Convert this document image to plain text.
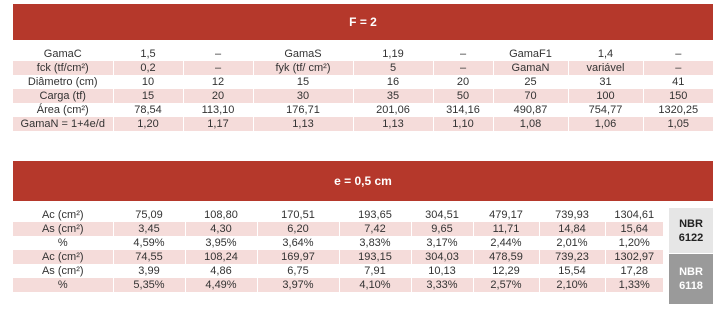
F = 2
GamaC	1,5	–	GamaS	1,19	–	GamaF1	1,4	–
fck (tf/cm²)	0,2	–	fyk (tf/ cm²)	5	–	GamaN	variável	–
Diâmetro (cm)	10	12	15	16	20	25	31	41
Carga (tf)	15	20	30	35	50	70	100	150
Área (cm²)	78,54	113,10	176,71	201,06	314,16	490,87	754,77	1320,25
GamaN = 1+4e/d	1,20	1,17	1,13	1,13	1,10	1,08	1,06	1,05
e = 0,5 cm
Ac (cm²)	75,09	108,80	170,51	193,65	304,51	479,17	739,93	1304,61
As (cm²)	3,45	4,30	6,20	7,42	9,65	11,71	14,84	15,64
%	4,59%	3,95%	3,64%	3,83%	3,17%	2,44%	2,01%	1,20%
Ac (cm²)	74,55	108,24	169,97	193,15	304,03	478,59	739,23	1302,97
As (cm²)	3,99	4,86	6,75	7,91	10,13	12,29	15,54	17,28
%	5,35%	4,49%	3,97%	4,10%	3,33%	2,57%	2,10%	1,33%
NBR 6122
NBR 6118
